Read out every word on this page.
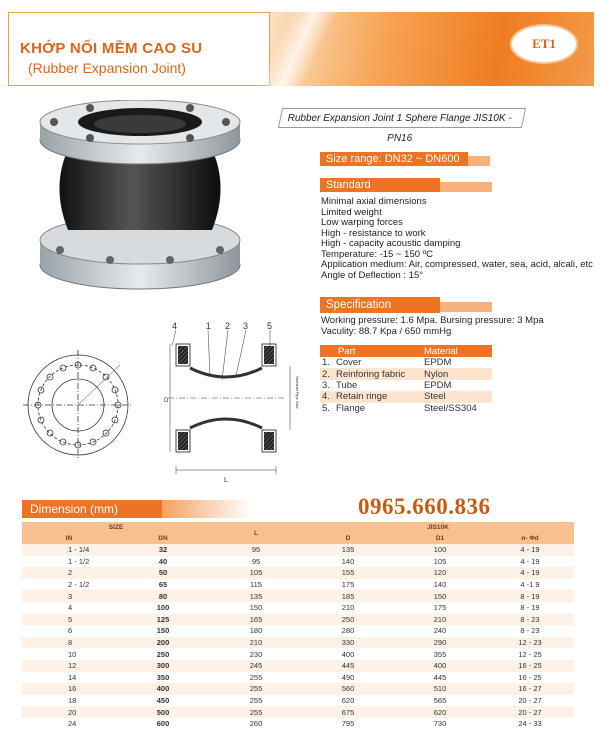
KHỚP NỐI MỀM CAO SU
(Rubber Expansion Joint)
ET1
Rubber Expansion Joint 1 Sphere Flange JIS10K - PN16
Size range: DN32 ~ DN600
Standard
Minimal axial dimensions
Limited weight
Low warping forces
High - resistance to work
High - capacity acoustic damping
Temperature: -15 ~ 150 ºC
Application medium: Air, compressed, water, sea, acid, alcali, etc
Angle of Deflection : 15°
Specification
Working pressure: 1.6 Mpa. Bursing pressure: 3 Mpa
Vaculity: 88.7 Kpa / 650 mmHg
	Part	Material
1.	Cover	EPDM
2.	Reinforing fabric	Nylon
3.	Tube	EPDM
4.	Retain ringe	Steel
5.	Flange	Steel/SS304
4	1 2 3 5
L
D	Nominal Pipe Size
0965.660.836
Dimension (mm)
SIZE		L	JIS10K		
IN	DN		D	D1	n- Φd
1 - 1/4	32	95	135	100	4 - 19
1 - 1/2	40	95	140	105	4 - 19
2	50	105	155	120	4 - 19
2 - 1/2	65	115	175	140	4 -1 9
3	80	135	185	150	8 - 19
4	100	150	210	175	8 - 19
5	125	165	250	210	8 - 23
6	150	180	280	240	8 - 23
8	200	210	330	290	12 - 23
10	250	230	400	355	12 - 25
12	300	245	445	400	16 - 25
14	350	255	490	445	16 - 25
16	400	255	560	510	16 - 27
18	450	255	620	565	20 - 27
20	500	255	675	620	20 - 27
24	600	260	795	730	24 - 33
